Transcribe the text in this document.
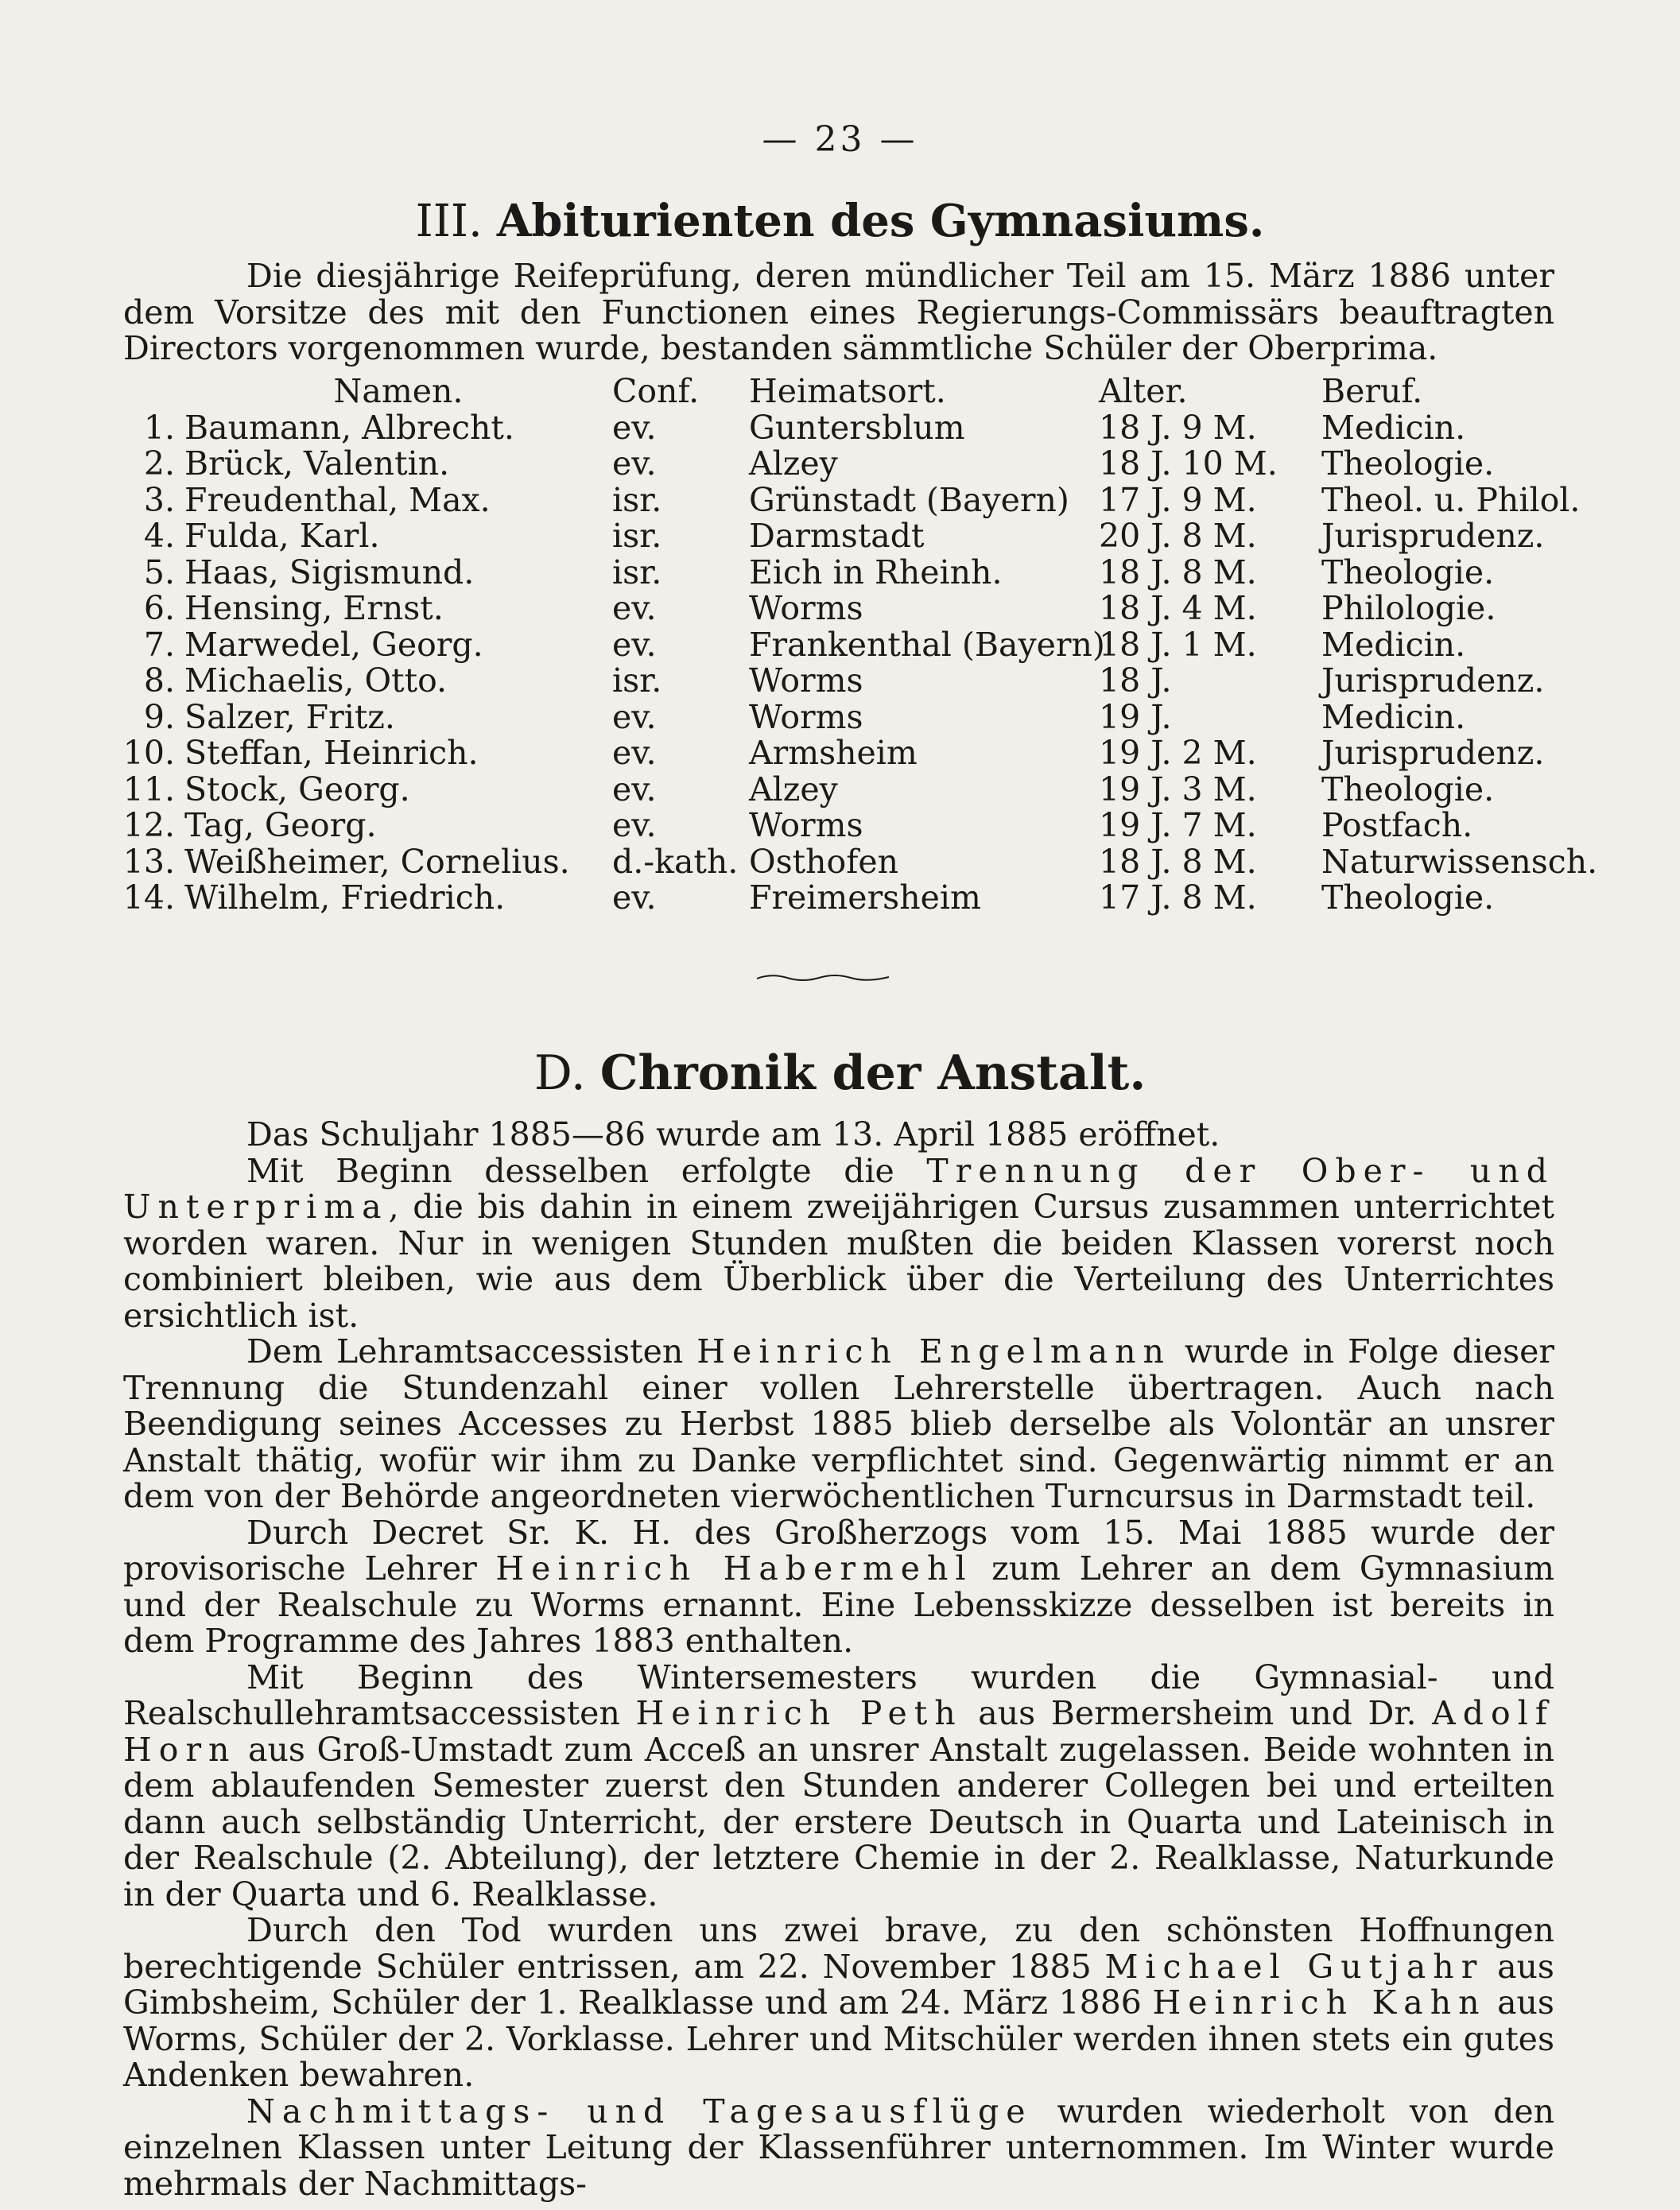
— 23 —
III. Abiturienten des Gymnasiums.

Die diesjährige Reifeprüfung, deren mündlicher Teil am 15. März 1886 unter dem Vorsitze des mit den Functionen eines Regierungs-Commissärs beauftragten Directors vorgenommen wurde, bestanden sämmtliche Schüler der Oberprima.

	Namen.	Conf.	Heimatsort.	Alter.	Beruf.
1.	Baumann, Albrecht.	ev.	Guntersblum	18 J. 9 M.	Medicin.
2.	Brück, Valentin.	ev.	Alzey	18 J. 10 M.	Theologie.
3.	Freudenthal, Max.	isr.	Grünstadt (Bayern)	17 J. 9 M.	Theol. u. Philol.
4.	Fulda, Karl.	isr.	Darmstadt	20 J. 8 M.	Jurisprudenz.
5.	Haas, Sigismund.	isr.	Eich in Rheinh.	18 J. 8 M.	Theologie.
6.	Hensing, Ernst.	ev.	Worms	18 J. 4 M.	Philologie.
7.	Marwedel, Georg.	ev.	Frankenthal (Bayern)	18 J. 1 M.	Medicin.
8.	Michaelis, Otto.	isr.	Worms	18 J.	Jurisprudenz.
9.	Salzer, Fritz.	ev.	Worms	19 J.	Medicin.
10.	Steffan, Heinrich.	ev.	Armsheim	19 J. 2 M.	Jurisprudenz.
11.	Stock, Georg.	ev.	Alzey	19 J. 3 M.	Theologie.
12.	Tag, Georg.	ev.	Worms	19 J. 7 M.	Postfach.
13.	Weißheimer, Cornelius.	d.-kath.	Osthofen	18 J. 8 M.	Naturwissensch.
14.	Wilhelm, Friedrich.	ev.	Freimersheim	17 J. 8 M.	Theologie.
D. Chronik der Anstalt.

Das Schuljahr 1885—86 wurde am 13. April 1885 eröffnet.

Mit Beginn desselben erfolgte die Trennung der Ober- und Unterprima, die bis dahin in einem zweijährigen Cursus zusammen unterrichtet worden waren. Nur in wenigen Stunden mußten die beiden Klassen vorerst noch combiniert bleiben, wie aus dem Überblick über die Verteilung des Unterrichtes ersichtlich ist.

Dem Lehramtsaccessisten Heinrich Engelmann wurde in Folge dieser Trennung die Stundenzahl einer vollen Lehrerstelle übertragen. Auch nach Beendigung seines Accesses zu Herbst 1885 blieb derselbe als Volontär an unsrer Anstalt thätig, wofür wir ihm zu Danke verpflichtet sind. Gegenwärtig nimmt er an dem von der Behörde angeordneten vierwöchentlichen Turncursus in Darmstadt teil.

Durch Decret Sr. K. H. des Großherzogs vom 15. Mai 1885 wurde der provisorische Lehrer Heinrich Habermehl zum Lehrer an dem Gymnasium und der Realschule zu Worms ernannt. Eine Lebensskizze desselben ist bereits in dem Programme des Jahres 1883 enthalten.

Mit Beginn des Wintersemesters wurden die Gymnasial- und Realschullehramtsaccessisten Heinrich Peth aus Bermersheim und Dr. Adolf Horn aus Groß-Umstadt zum Acceß an unsrer Anstalt zugelassen. Beide wohnten in dem ablaufenden Semester zuerst den Stunden anderer Collegen bei und erteilten dann auch selbständig Unterricht, der erstere Deutsch in Quarta und Lateinisch in der Realschule (2. Abteilung), der letztere Chemie in der 2. Realklasse, Naturkunde in der Quarta und 6. Realklasse.

Durch den Tod wurden uns zwei brave, zu den schönsten Hoffnungen berechtigende Schüler entrissen, am 22. November 1885 Michael Gutjahr aus Gimbsheim, Schüler der 1. Realklasse und am 24. März 1886 Heinrich Kahn aus Worms, Schüler der 2. Vorklasse. Lehrer und Mitschüler werden ihnen stets ein gutes Andenken bewahren.

Nachmittags- und Tagesausflüge wurden wiederholt von den einzelnen Klassen unter Leitung der Klassenführer unternommen. Im Winter wurde mehrmals der Nachmittags-
